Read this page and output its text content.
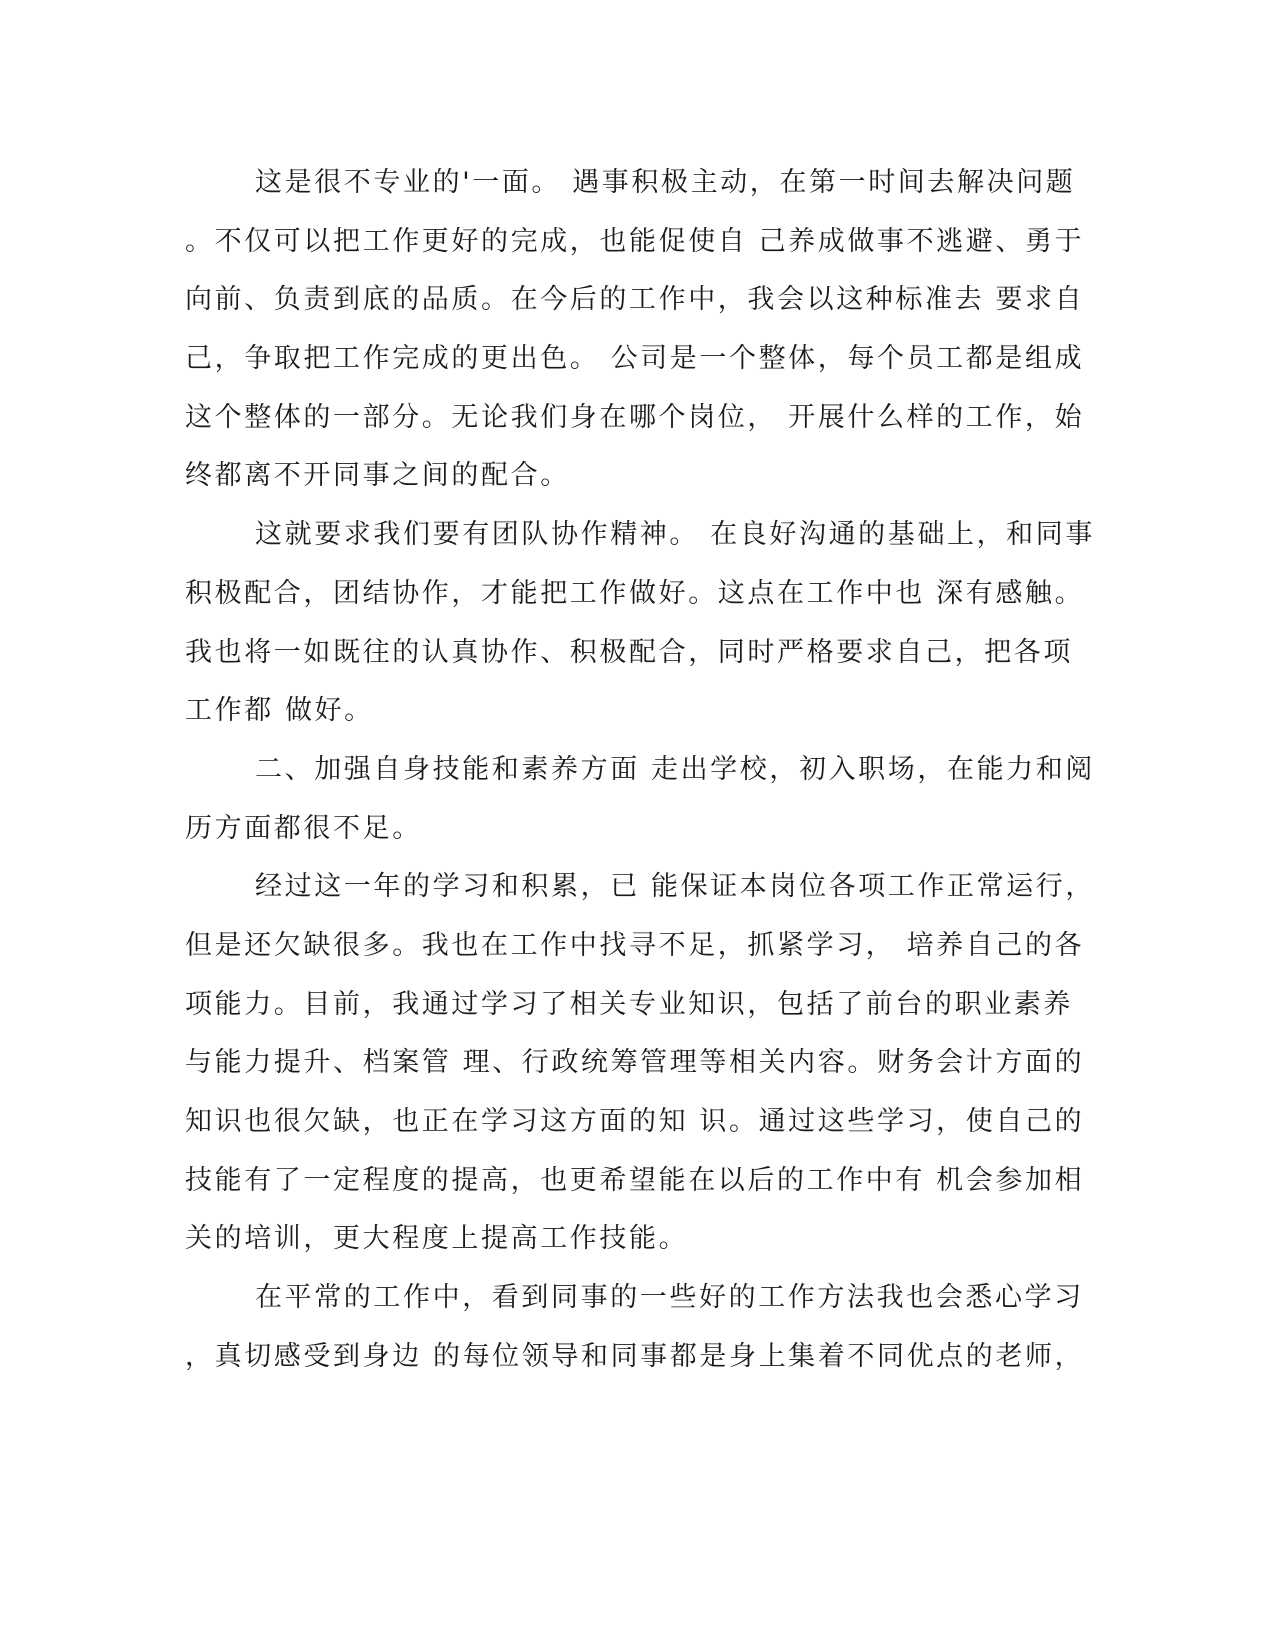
这是很不专业的'一面。 遇事积极主动，在第一时间去解决问题
。不仅可以把工作更好的完成，也能促使自 己养成做事不逃避、勇于
向前、负责到底的品质。在今后的工作中，我会以这种标准去 要求自
己，争取把工作完成的更出色。 公司是一个整体，每个员工都是组成
这个整体的一部分。无论我们身在哪个岗位， 开展什么样的工作，始
终都离不开同事之间的配合。
这就要求我们要有团队协作精神。 在良好沟通的基础上，和同事
积极配合，团结协作，才能把工作做好。这点在工作中也 深有感触。
我也将一如既往的认真协作、积极配合，同时严格要求自己，把各项
工作都 做好。
二、加强自身技能和素养方面 走出学校，初入职场，在能力和阅
历方面都很不足。
经过这一年的学习和积累，已 能保证本岗位各项工作正常运行，
但是还欠缺很多。我也在工作中找寻不足，抓紧学习， 培养自己的各
项能力。目前，我通过学习了相关专业知识，包括了前台的职业素养
与能力提升、档案管 理、行政统筹管理等相关内容。财务会计方面的
知识也很欠缺，也正在学习这方面的知 识。通过这些学习，使自己的
技能有了一定程度的提高，也更希望能在以后的工作中有 机会参加相
关的培训，更大程度上提高工作技能。
在平常的工作中，看到同事的一些好的工作方法我也会悉心学习
，真切感受到身边 的每位领导和同事都是身上集着不同优点的老师，
